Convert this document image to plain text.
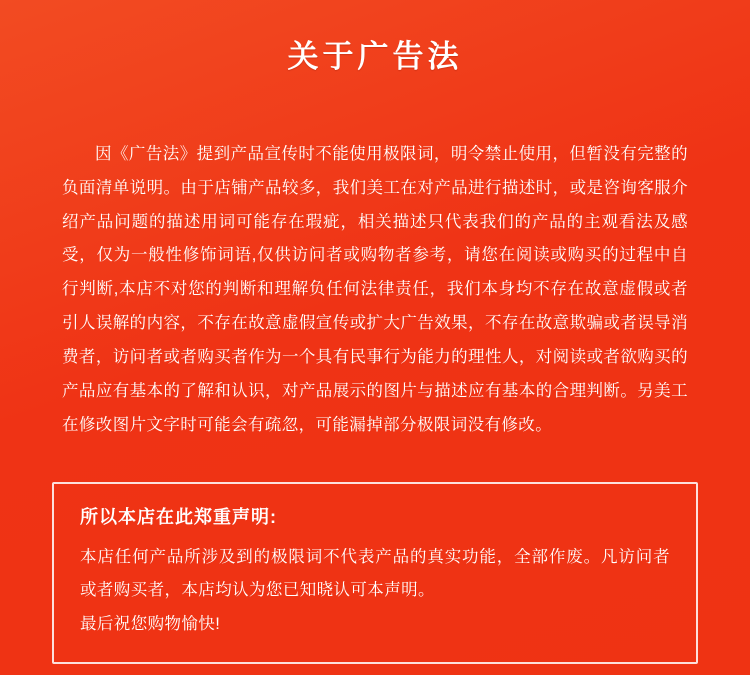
关于广告法

因《广告法》提到产品宣传时不能使用极限词，明令禁止使用，但暂没有完整的负面清单说明。由于店铺产品较多，我们美工在对产品进行描述时，或是咨询客服介绍产品问题的描述用词可能存在瑕疵，相关描述只代表我们的产品的主观看法及感受，仅为一般性修饰词语,仅供访问者或购物者参考，请您在阅读或购买的过程中自行判断,本店不对您的判断和理解负任何法律责任，我们本身均不存在故意虚假或者引人误解的内容，不存在故意虚假宣传或扩大广告效果，不存在故意欺骗或者误导消费者，访问者或者购买者作为一个具有民事行为能力的理性人，对阅读或者欲购买的产品应有基本的了解和认识，对产品展示的图片与描述应有基本的合理判断。另美工在修改图片文字时可能会有疏忽，可能漏掉部分极限词没有修改。

所以本店在此郑重声明:

本店任何产品所涉及到的极限词不代表产品的真实功能，全部作废。凡访问者或者购买者，本店均认为您已知晓认可本声明。

最后祝您购物愉快!
